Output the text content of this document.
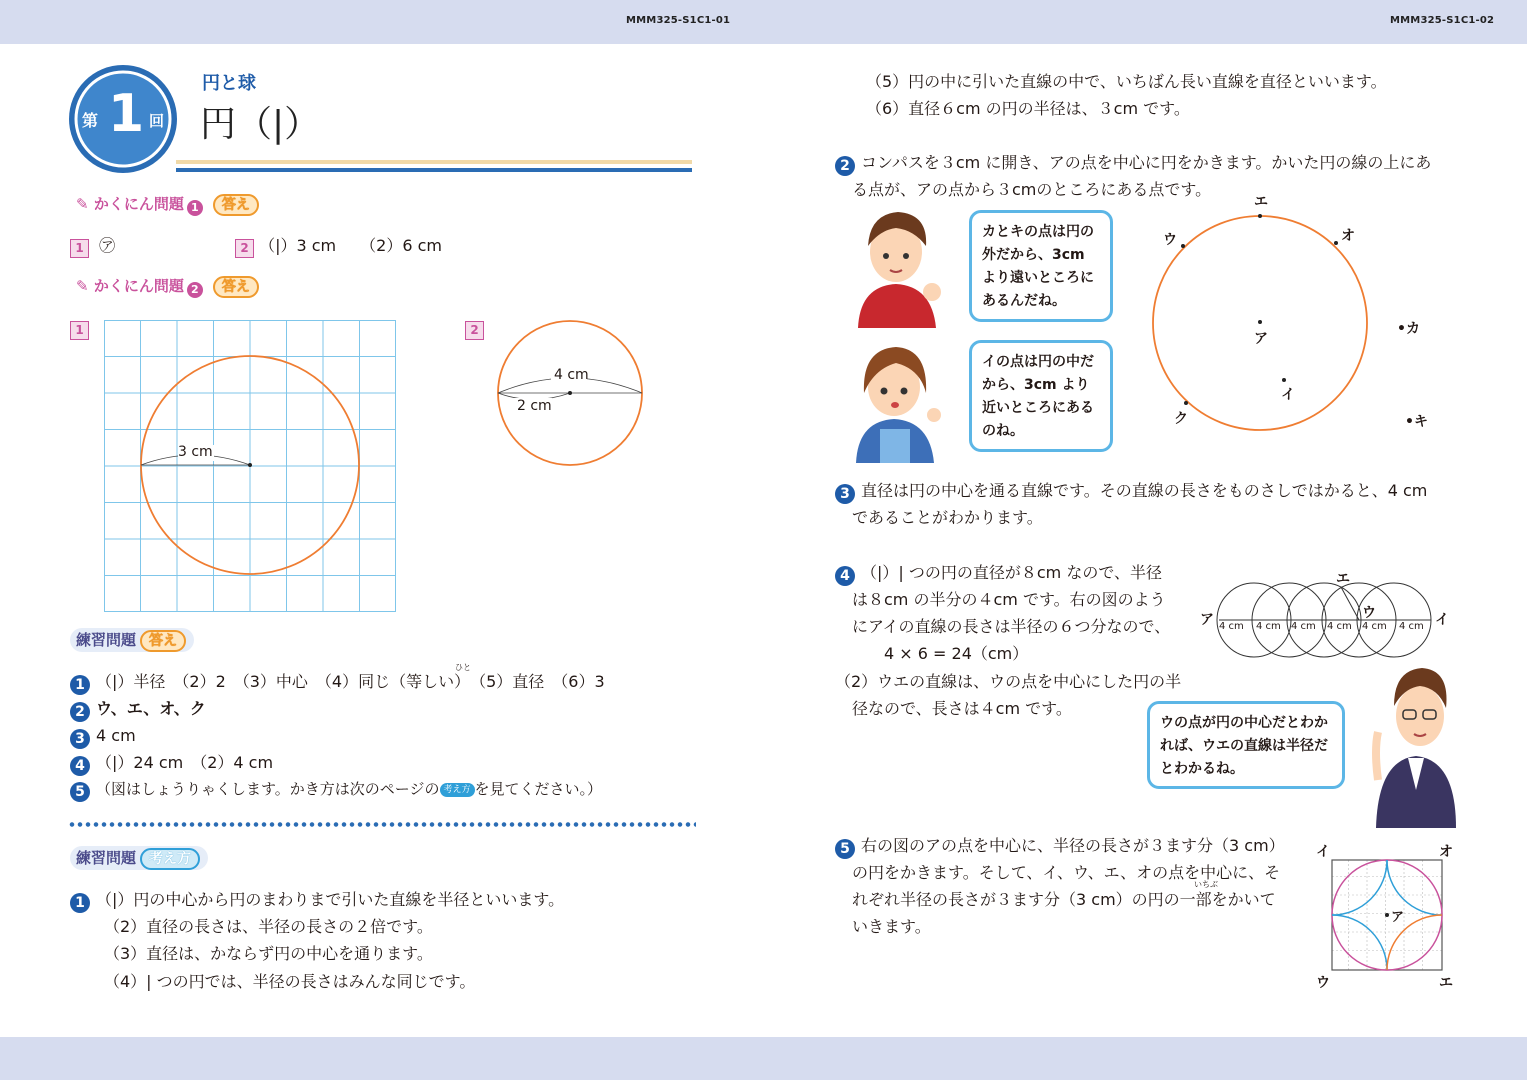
MMM325-S1C1-01	MMM325-S1C1-02
第 1 回
円と球
円（|）
✎ かくにん問題 1 答え
1 ㋐	2 （|）3 cm　　（2）6 cm
✎ かくにん問題 2 答え
1	2
3 cm
4 cm
2 cm
練習問題 答え
ひと
1 （|）半径　（2）2　（3）中心　（4）同じ（等しい）　（5）直径　（6）3
2 ウ、エ、オ、ク
3 4 cm
4 （|）24 cm　（2）4 cm
5 （図はしょうりゃくします。かき方は次のページの 考え方 を見てください。）
練習問題 考え方
1 （|）円の中心から円のまわりまで引いた直線を半径といいます。
（2）直径の長さは、半径の長さの２倍です。
（3）直径は、かならず円の中心を通ります。
（4）| つの円では、半径の長さはみんな同じです。
（5）円の中に引いた直線の中で、いちばん長い直線を直径といいます。
（6）直径６cm の円の半径は、３cm です。
2 コンパスを３cm に開き、アの点を中心に円をかきます。かいた円の線の上にあ
る点が、アの点から３cmのところにある点です。
カとキの点は円の外だから、3cm より遠いところにあるんだね。
イの点は円の中だから、3cm より近いところにあるのね。
エ
ウ	オ
•カ
ア
イ
ク	•キ
3 直径は円の中心を通る直線です。その直線の長さをものさしではかると、4 cm
であることがわかります。
4 （|）| つの円の直径が８cm なので、半径
は８cm の半分の４cm です。右の図のよう
にアイの直線の長さは半径の６つ分なので、
4 × 6 = 24（cm）
（2）ウエの直線は、ウの点を中心にした円の半
径なので、長さは４cm です。
4 cm 4 cm 4 cm 4 cm 4 cm 4 cm
ア	イ
エ
ウ
ウの点が円の中心だとわかれば、ウエの直線は半径だとわかるね。
5 右の図のアの点を中心に、半径の長さが３ます分（3 cm）
の円をかきます。そして、イ、ウ、エ、オの点を中心に、そ
いちぶ
れぞれ半径の長さが３ます分（3 cm）の円の一部をかいて
いきます。
イ	オ
ウ	エ
ア
